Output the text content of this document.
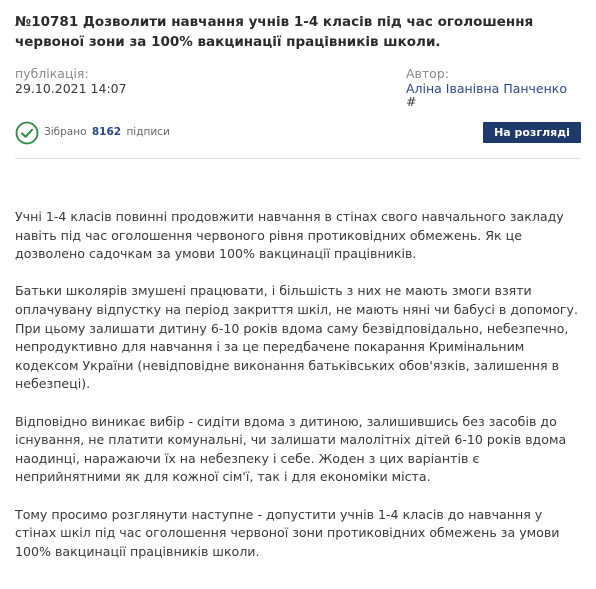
№10781 Дозволити навчання учнів 1-4 класів під час оголошення червоної зони за 100% вакцинації працівників школи.
публікація:
29.10.2021 14:07
Автор:
Аліна Іванівна Панченко
#
Зібрано 8162 підписи	На розгляді

Учні 1-4 класів повинні продовжити навчання в стінах свого навчального закладу навіть під час оголошення червоного рівня протиковідних обмежень. Як це дозволено садочкам за умови 100% вакцинації працівників.

Батьки школярів змушені працювати, і більшість з них не мають змоги взяти оплачувану відпустку на період закриття шкіл, не мають няні чи бабусі в допомогу. При цьому залишати дитину 6-10 років вдома саму безвідповідально, небезпечно, непродуктивно для навчання і за це передбачене покарання Кримінальним кодексом України (невідповідне виконання батьківських обов'язків, залишення в небезпеці).

Відповідно виникає вибір - сидіти вдома з дитиною, залишившись без засобів до існування, не платити комунальні, чи залишати малолітніх дітей 6-10 років вдома наодинці, наражаючи їх на небезпеку і себе. Жоден з цих варіантів є неприйнятними як для кожної сім'ї, так і для економіки міста.

Тому просимо розглянути наступне - допустити учнів 1-4 класів до навчання у стінах шкіл під час оголошення червоної зони протиковідних обмежень за умови 100% вакцинації працівників школи.
